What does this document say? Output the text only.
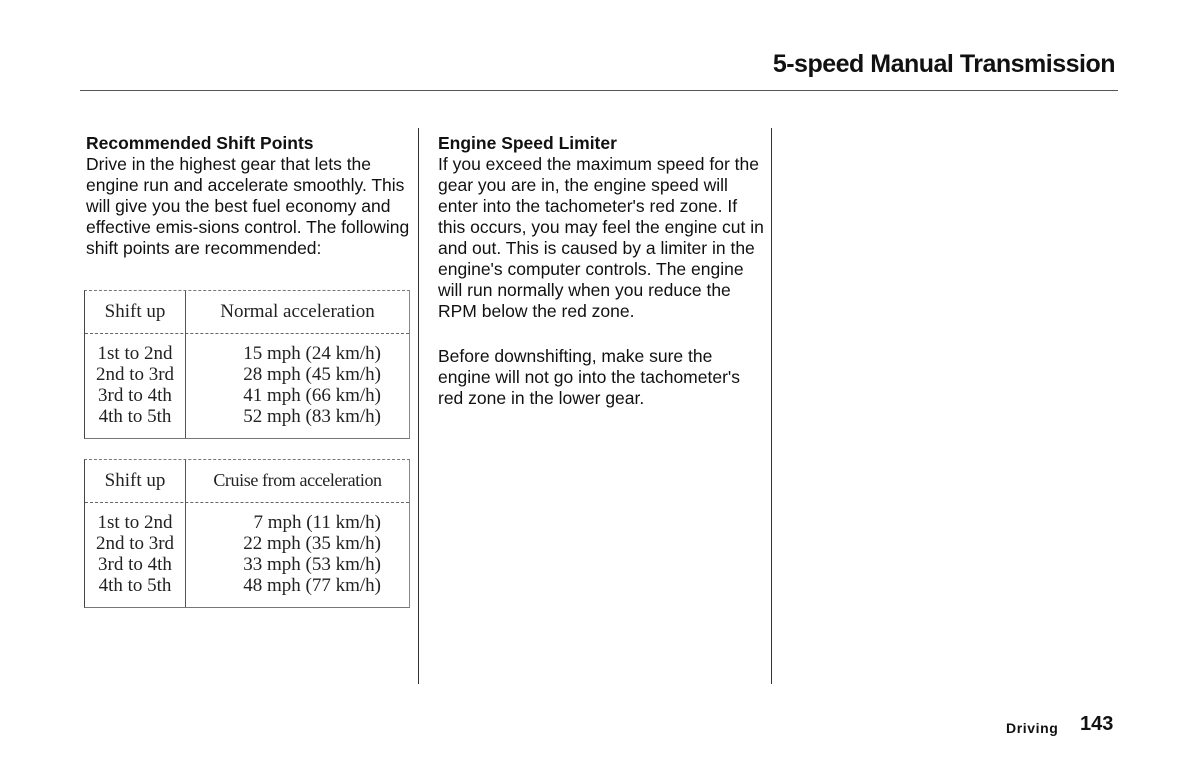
5-speed Manual Transmission
Recommended Shift Points
Drive in the highest gear that lets the engine run and accelerate smoothly. This will give you the best fuel economy and effective emis-sions control. The following shift points are recommended:
Shift up	Normal acceleration
1st to 2nd	15 mph (24 km/h)
2nd to 3rd	28 mph (45 km/h)
3rd to 4th	41 mph (66 km/h)
4th to 5th	52 mph (83 km/h)
Shift up	Cruise from acceleration
1st to 2nd	7 mph (11 km/h)
2nd to 3rd	22 mph (35 km/h)
3rd to 4th	33 mph (53 km/h)
4th to 5th	48 mph (77 km/h)
Engine Speed Limiter
If you exceed the maximum speed for the gear you are in, the engine speed will enter into the tachometer's red zone. If this occurs, you may feel the engine cut in and out. This is caused by a limiter in the engine's computer controls. The engine will run normally when you reduce the RPM below the red zone.
Before downshifting, make sure the engine will not go into the tachometer's red zone in the lower gear.
Driving 143
